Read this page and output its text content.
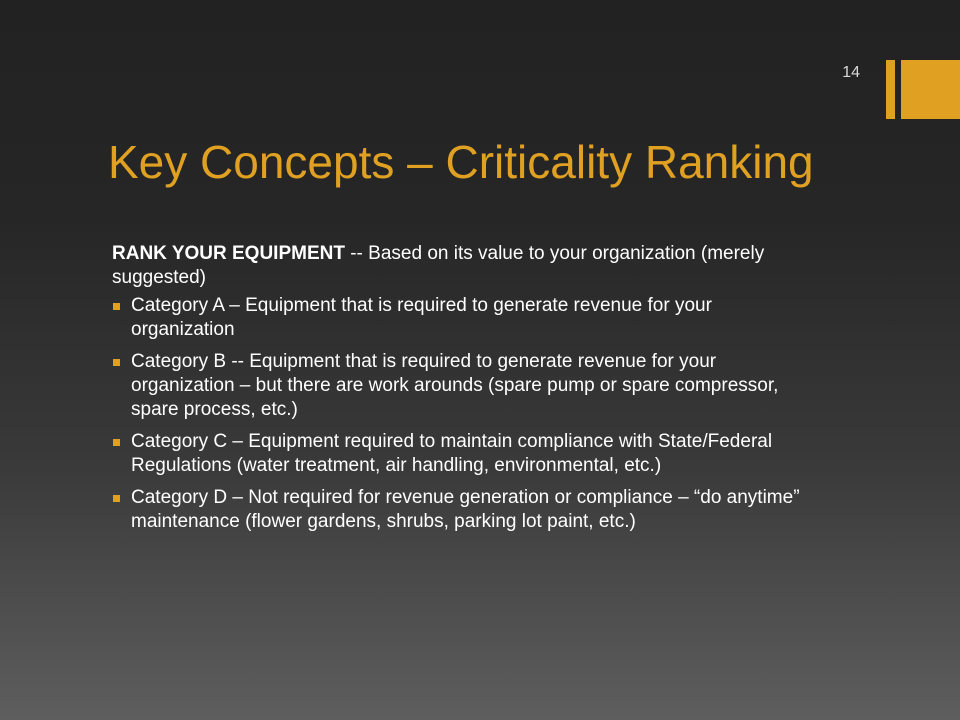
14
Key Concepts – Criticality Ranking

RANK YOUR EQUIPMENT -- Based on its value to your organization (merely suggested)

Category A – Equipment that is required to generate revenue for your organization
Category B -- Equipment that is required to generate revenue for your organization – but there are work arounds (spare pump or spare compressor, spare process, etc.)
Category C – Equipment required to maintain compliance with State/Federal Regulations (water treatment, air handling, environmental, etc.)
Category D – Not required for revenue generation or compliance – “do anytime” maintenance (flower gardens, shrubs, parking lot paint, etc.)
